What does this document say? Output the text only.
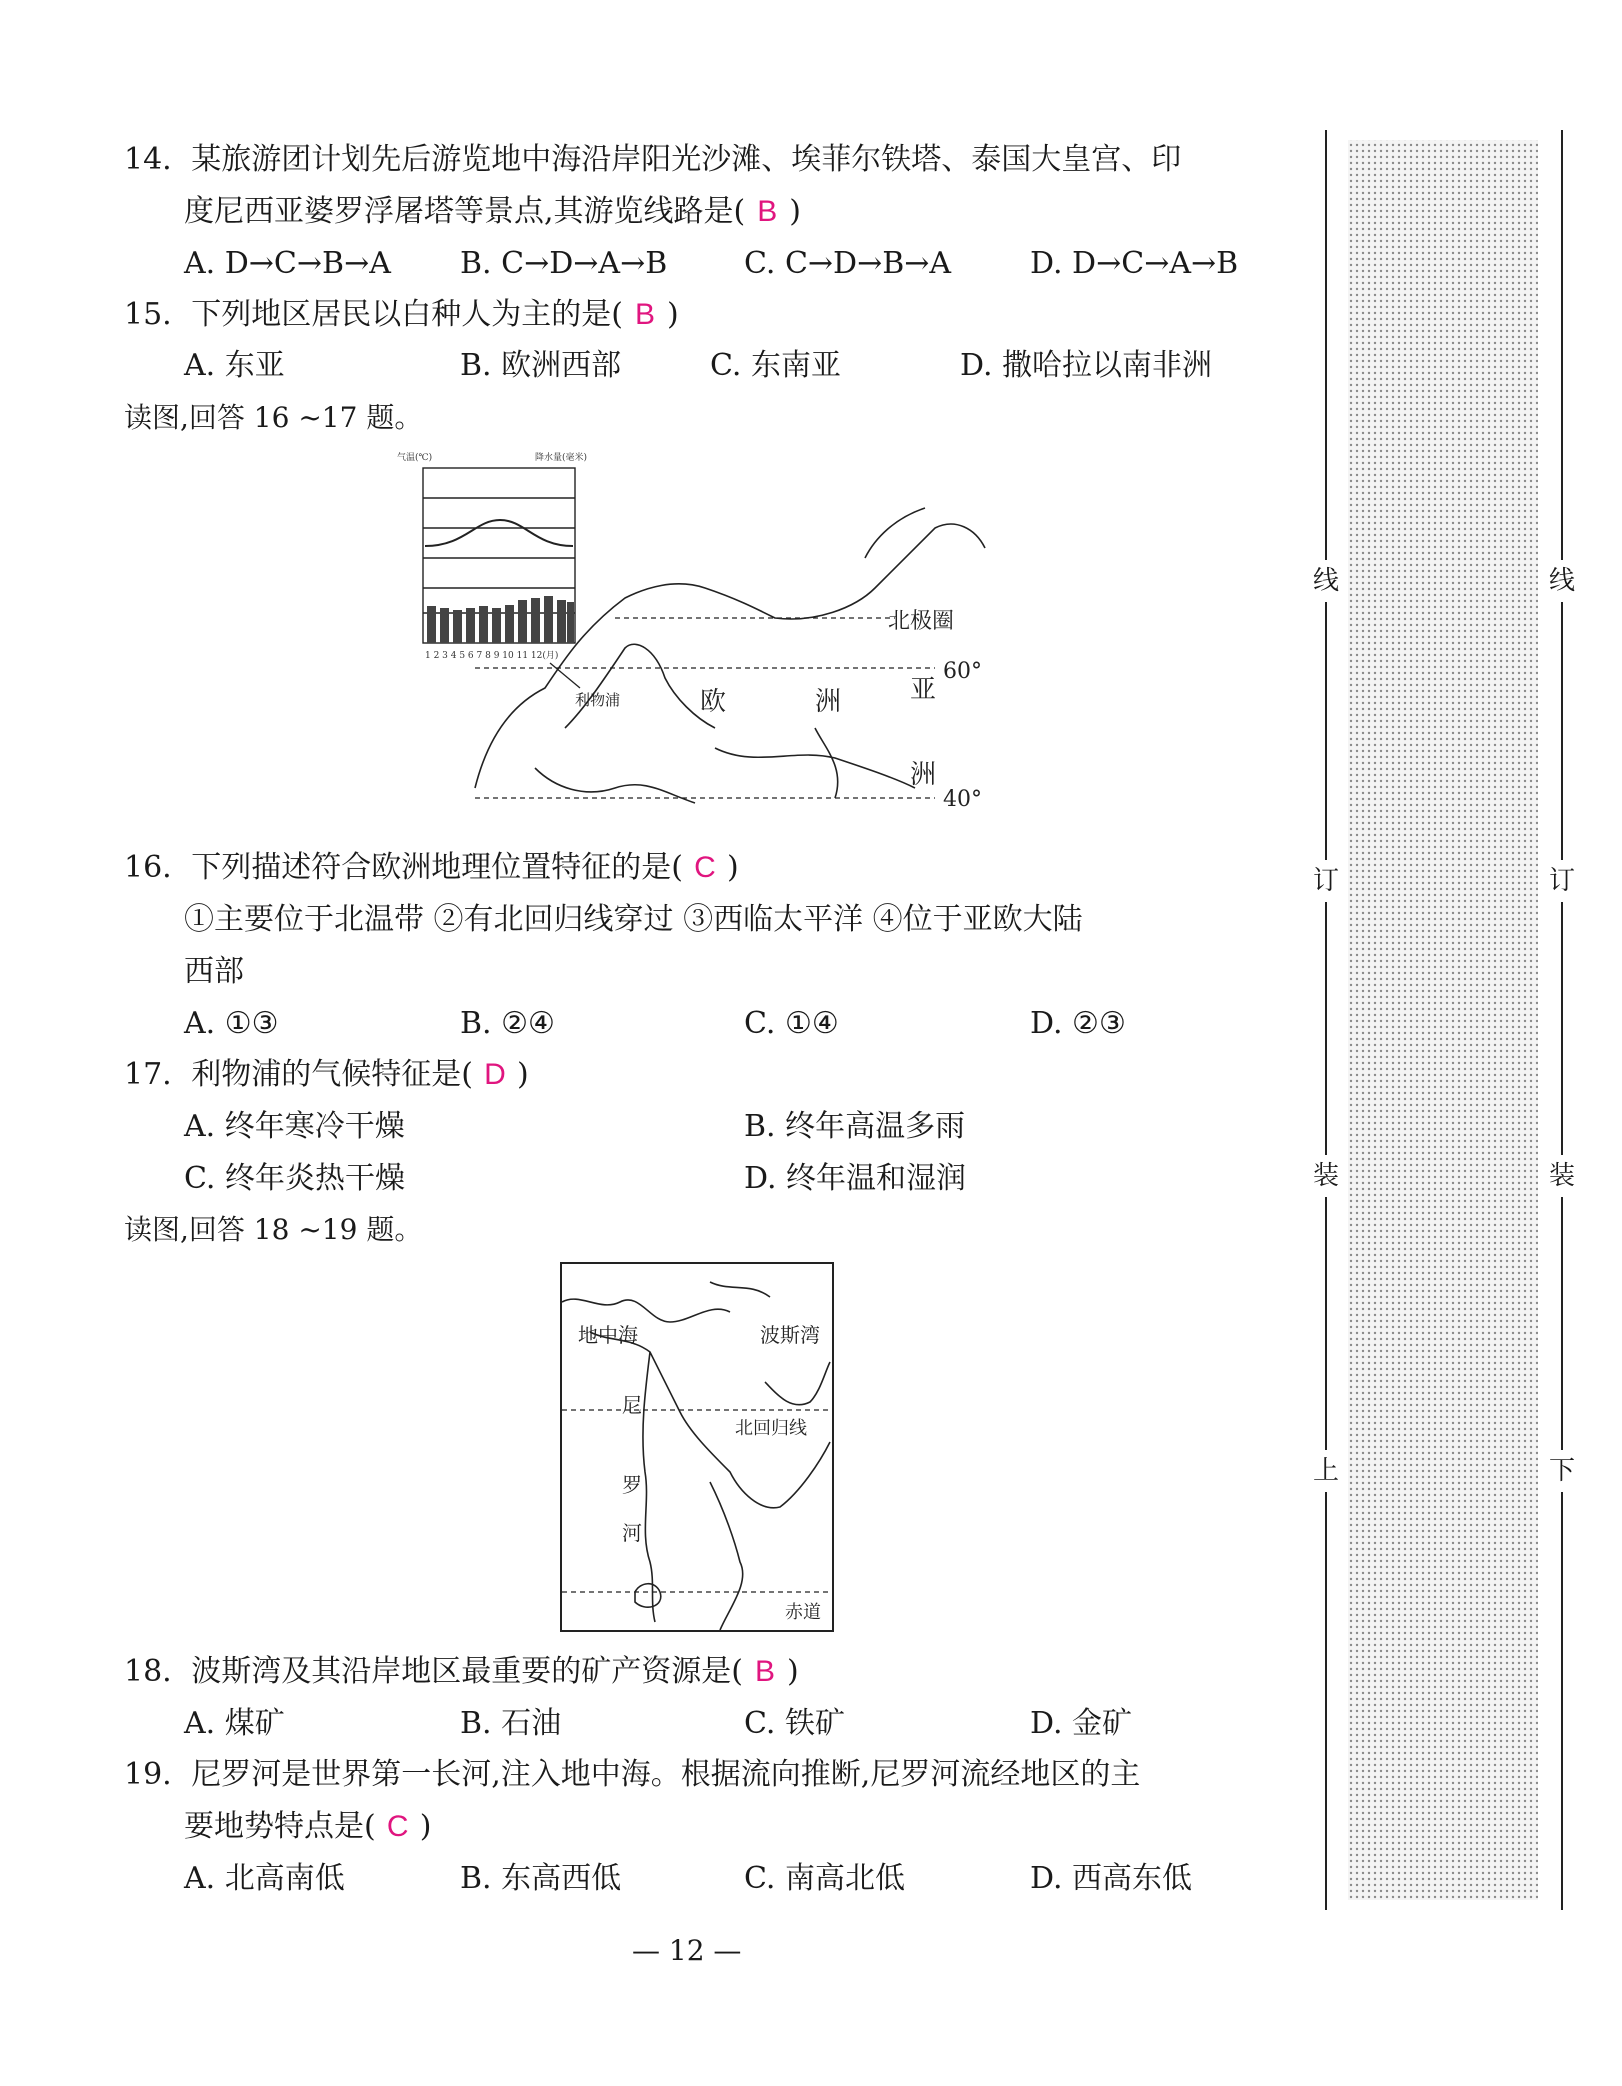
14. 某旅游团计划先后游览地中海沿岸阳光沙滩、埃菲尔铁塔、泰国大皇宫、印
度尼西亚婆罗浮屠塔等景点,其游览线路是( B )
A. D→C→B→A B. C→D→A→B	C. C→D→B→A	D. D→C→A→B
15. 下列地区居民以白种人为主的是( B )
A. 东亚	B. 欧洲西部	C. 东南亚	D. 撒哈拉以南非洲
读图,回答 16 ~17 题。
气温(℃)	降水量(毫米)
1 2 3 4 5 6 7 8 9 10 11 12(月)
北极圈
60°
40°
欧	洲	亚
洲
利物浦
16. 下列描述符合欧洲地理位置特征的是( C )
①主要位于北温带 ②有北回归线穿过 ③西临太平洋 ④位于亚欧大陆
西部
A. ①③	B. ②④	C. ①④	D. ②③
17. 利物浦的气候特征是( D )
A. 终年寒冷干燥	B. 终年高温多雨
C. 终年炎热干燥	D. 终年温和湿润
读图,回答 18 ~19 题。
地中海	波斯湾
北回归线
赤道
尼
罗
河
18. 波斯湾及其沿岸地区最重要的矿产资源是( B )
A. 煤矿	B. 石油	C. 铁矿	D. 金矿
19. 尼罗河是世界第一长河,注入地中海。根据流向推断,尼罗河流经地区的主
要地势特点是( C )
A. 北高南低	B. 东高西低	C. 南高北低	D. 西高东低
— 12 —
线
订
装
上
线
订
装
下
